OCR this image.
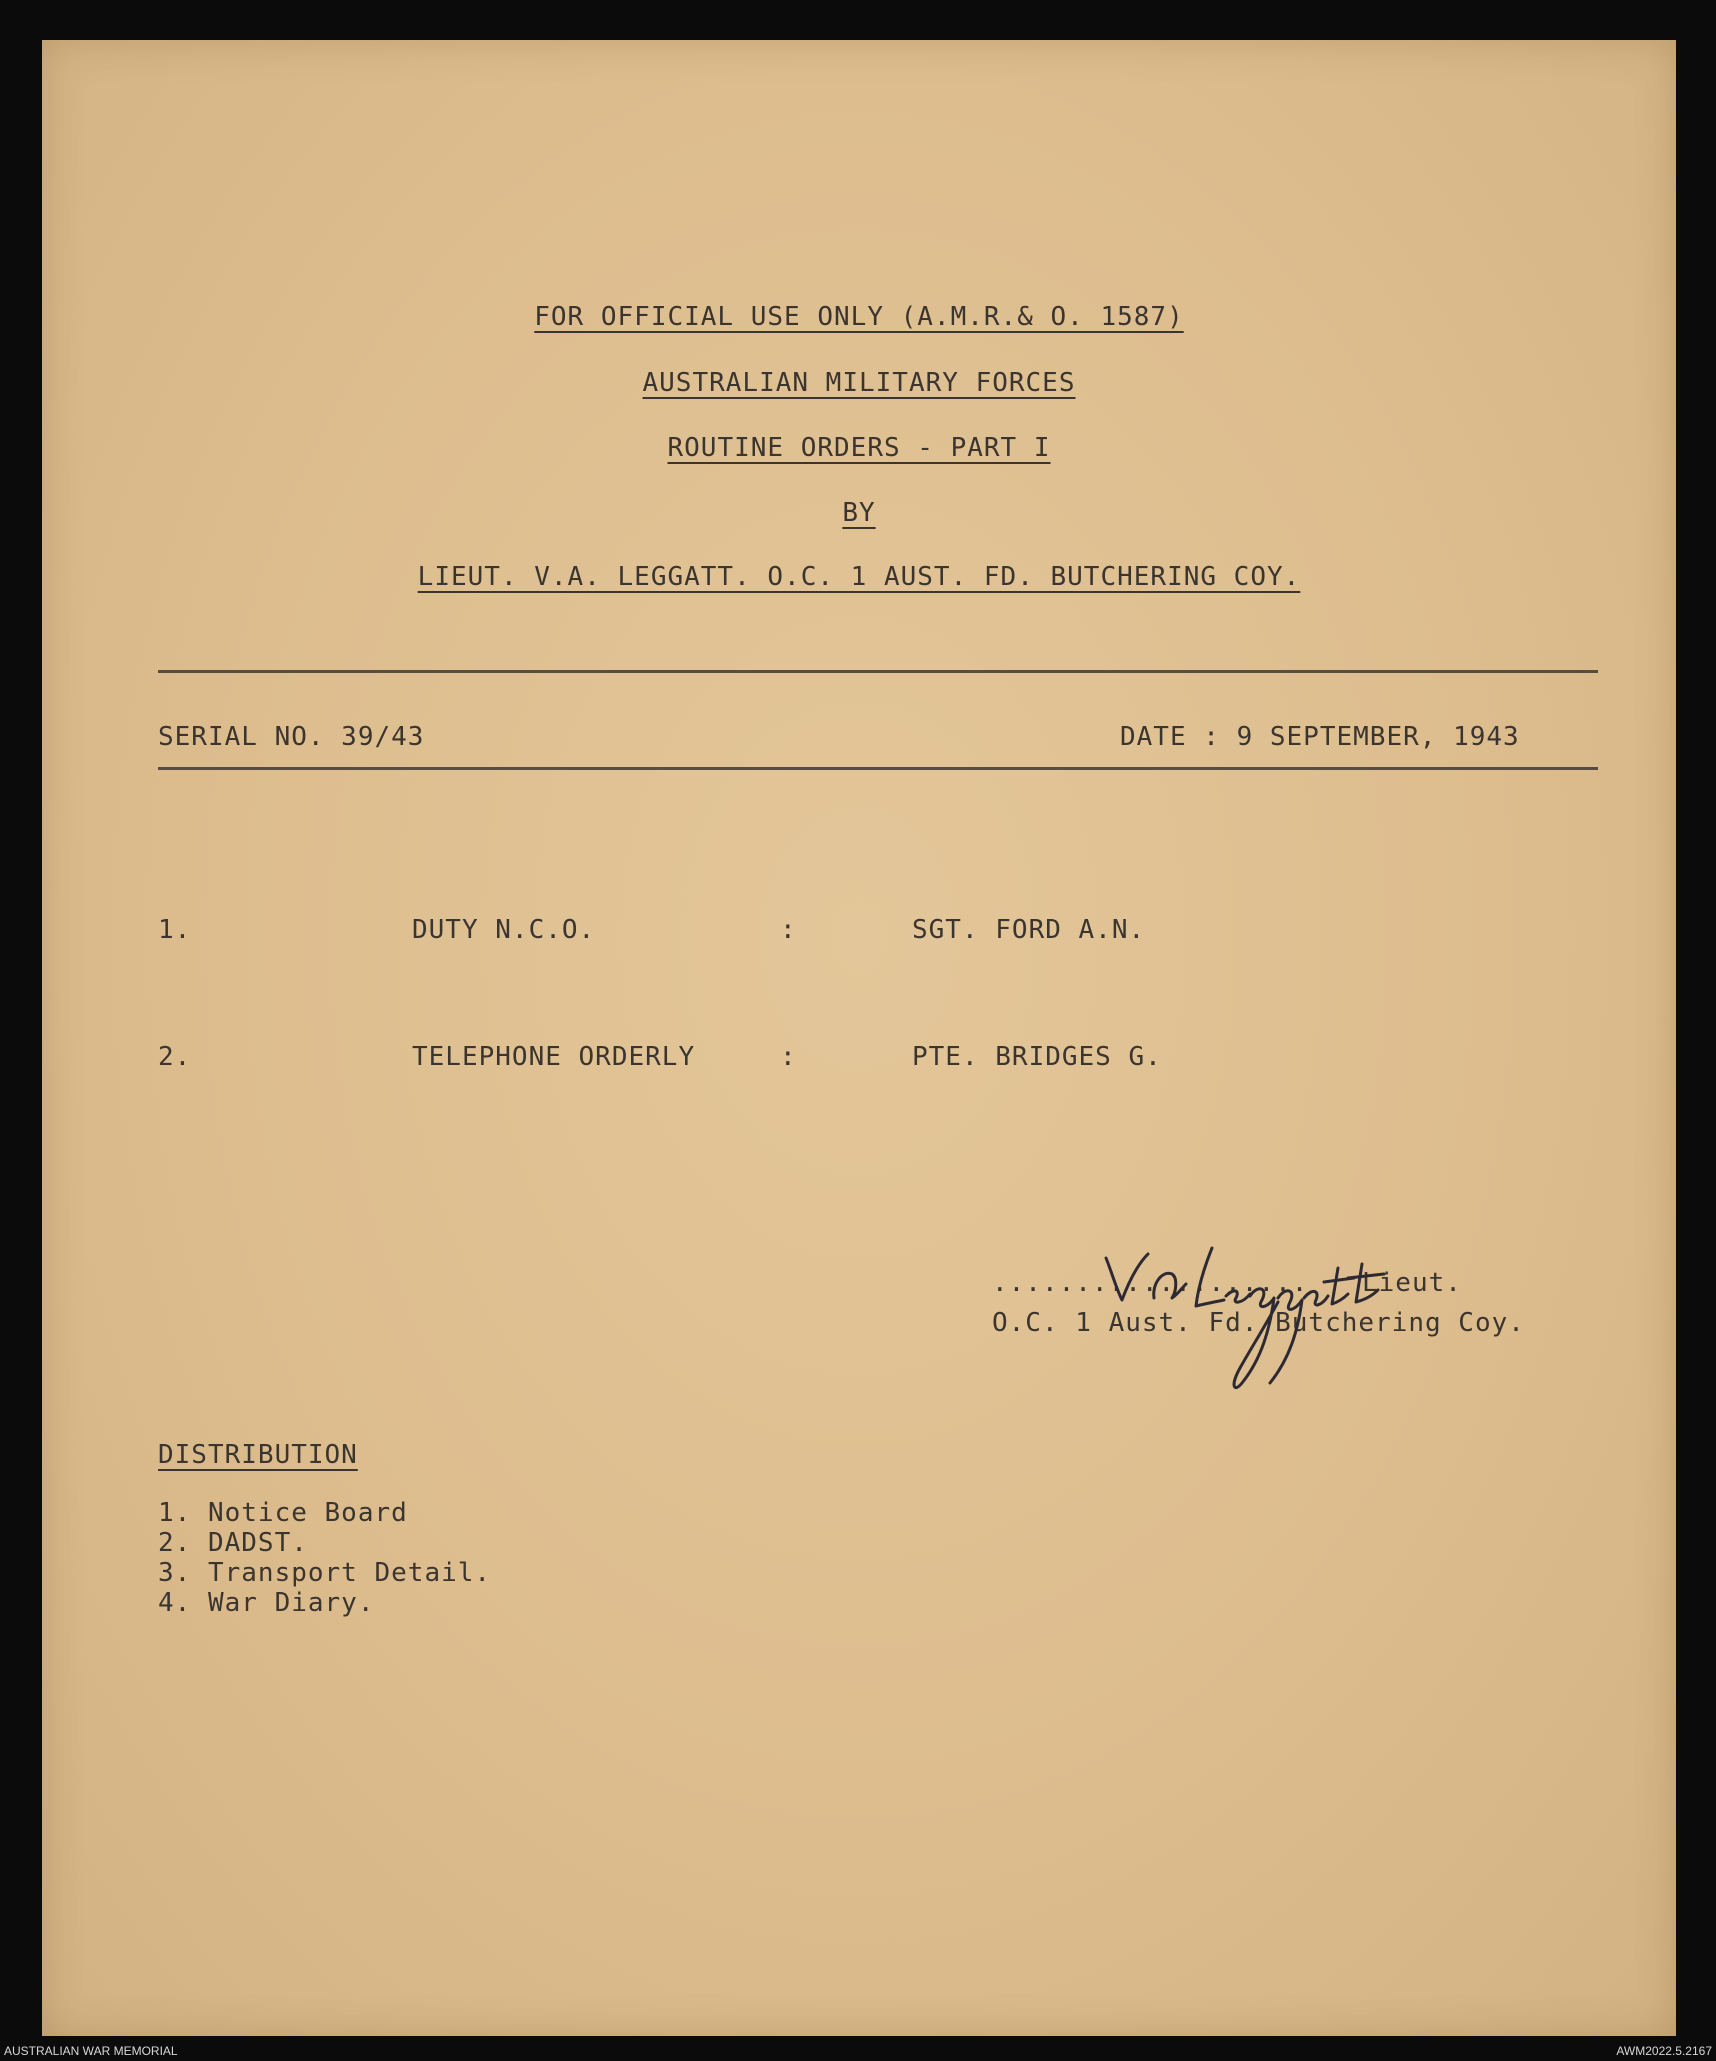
FOR OFFICIAL USE ONLY (A.M.R.& O. 1587)
AUSTRALIAN MILITARY FORCES
ROUTINE ORDERS - PART I
BY
LIEUT. V.A. LEGGATT. O.C. 1 AUST. FD. BUTCHERING COY.
SERIAL NO. 39/43	DATE : 9 SEPTEMBER, 1943
1.	DUTY N.C.O.	:	SGT. FORD A.N.
2.	TELEPHONE ORDERLY	:	PTE. BRIDGES G.
................... Lieut.
O.C. 1 Aust. Fd. Butchering Coy.
DISTRIBUTION
1. Notice Board
2. DADST.
3. Transport Detail.
4. War Diary.
AUSTRALIAN WAR MEMORIAL	AWM2022.5.2167
